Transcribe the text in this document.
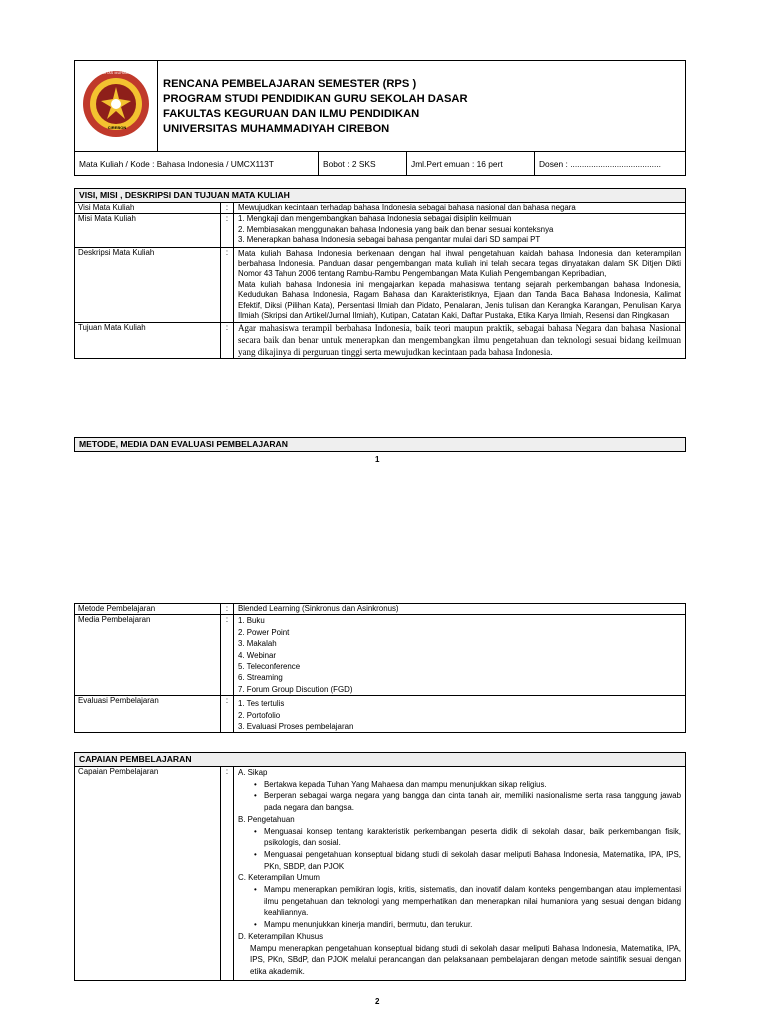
UNIVERSITAS MUHAMMADIYAH
CIREBON
RENCANA PEMBELAJARAN SEMESTER (RPS )
PROGRAM STUDI PENDIDIKAN GURU SEKOLAH DASAR
FAKULTAS KEGURUAN DAN ILMU PENDIDIKAN
UNIVERSITAS MUHAMMADIYAH CIREBON
Mata Kuliah / Kode : Bahasa Indonesia / UMCX113T	Bobot : 2 SKS	Jml.Pert emuan : 16 pert	Dosen : .......................................
VISI, MISI , DESKRIPSI DAN TUJUAN MATA KULIAH
Visi Mata Kuliah	:	Mewujudkan kecintaan terhadap bahasa Indonesia sebagai bahasa nasional dan bahasa negara
Misi Mata Kuliah	:	1. Mengkaji dan mengembangkan bahasa Indonesia sebagai disiplin keilmuan
2. Membiasakan menggunakan bahasa Indonesia yang baik dan benar sesuai konteksnya
3. Menerapkan bahasa Indonesia sebagai bahasa pengantar mulai dari SD sampai PT
Deskripsi Mata Kuliah	:	Mata kuliah Bahasa Indonesia berkenaan dengan hal ihwal pengetahuan kaidah bahasa Indonesia dan keterampilan berbahasa Indonesia. Panduan dasar pengembangan mata kuliah ini telah secara tegas dinyatakan dalam SK Ditjen Dikti Nomor 43 Tahun 2006 tentang Rambu-Rambu Pengembangan Mata Kuliah Pengembangan Kepribadian,
Mata kuliah bahasa Indonesia ini mengajarkan kepada mahasiswa tentang sejarah perkembangan bahasa Indonesia, Kedudukan Bahasa Indonesia, Ragam Bahasa dan Karakteristiknya, Ejaan dan Tanda Baca Bahasa Indonesia, Kalimat Efektif, Diksi (Pilihan Kata), Persentasi Ilmiah dan Pidato, Penalaran, Jenis tulisan dan Kerangka Karangan, Penulisan Karya Ilmiah (Skripsi dan Artikel/Jurnal Ilmiah), Kutipan, Catatan Kaki, Daftar Pustaka, Etika Karya Ilmiah, Resensi dan Ringkasan
Tujuan Mata Kuliah	:	Agar mahasiswa terampil berbahasa Indonesia, baik teori maupun praktik, sebagai bahasa Negara dan bahasa Nasional secara baik dan benar untuk menerapkan dan mengembangkan ilmu pengetahuan dan teknologi sesuai bidang keilmuan yang dikajinya di perguruan tinggi serta mewujudkan kecintaan pada bahasa Indonesia.
METODE, MEDIA DAN EVALUASI PEMBELAJARAN
1
Metode Pembelajaran	:	Blended Learning (Sinkronus dan Asinkronus)
Media Pembelajaran	:	1. Buku
2. Power Point
3. Makalah
4. Webinar
5. Teleconference
6. Streaming
7. Forum Group Discution (FGD)
Evaluasi Pembelajaran	:	1. Tes tertulis
2. Portofolio
3. Evaluasi Proses pembelajaran
CAPAIAN PEMBELAJARAN
Capaian Pembelajaran	:	A. Sikap
• Bertakwa kepada Tuhan Yang Mahaesa dan mampu menunjukkan sikap religius.
• Berperan sebagai warga negara yang bangga dan cinta tanah air, memiliki nasionalisme serta rasa tanggung jawab pada negara dan bangsa.
B. Pengetahuan
• Menguasai konsep tentang karakteristik perkembangan peserta didik di sekolah dasar, baik perkembangan fisik, psikologis, dan sosial.
• Menguasai pengetahuan konseptual bidang studi di sekolah dasar meliputi Bahasa Indonesia, Matematika, IPA, IPS, PKn, SBDP, dan PJOK
C. Keterampilan Umum
• Mampu menerapkan pemikiran logis, kritis, sistematis, dan inovatif dalam konteks pengembangan atau implementasi ilmu pengetahuan dan teknologi yang memperhatikan dan menerapkan nilai humaniora yang sesuai dengan bidang keahliannya.
• Mampu menunjukkan kinerja mandiri, bermutu, dan terukur.
D. Keterampilan Khusus
Mampu menerapkan pengetahuan konseptual bidang studi di sekolah dasar meliputi Bahasa Indonesia, Matematika, IPA, IPS, PKn, SBdP, dan PJOK melalui perancangan dan pelaksanaan pembelajaran dengan metode saintifik sesuai dengan etika akademik.
2
